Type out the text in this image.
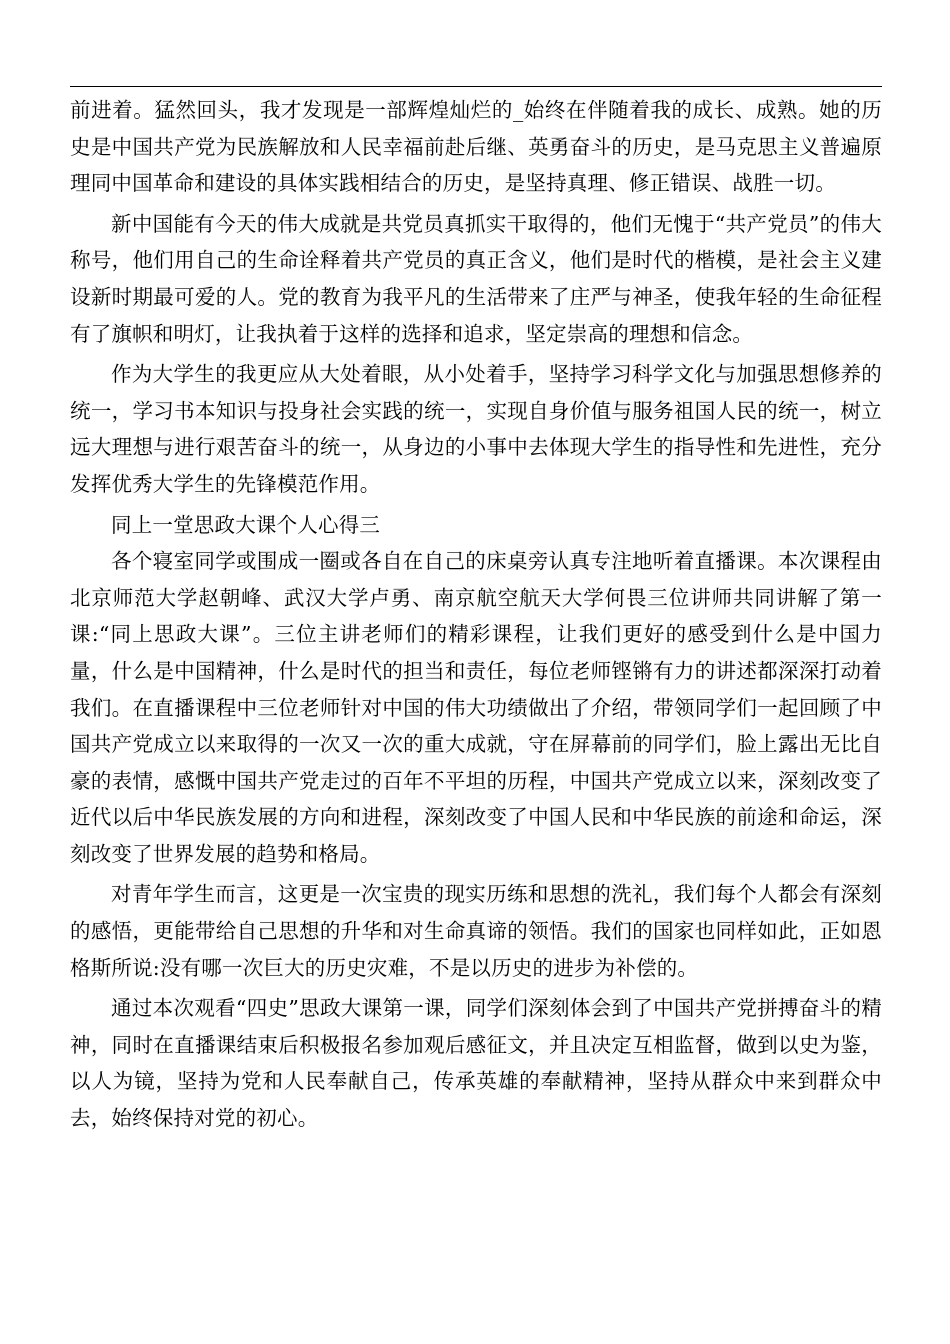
前进着。猛然回头，我才发现是一部辉煌灿烂的_始终在伴随着我的成长、成熟。她的历史是中国共产党为民族解放和人民幸福前赴后继、英勇奋斗的历史，是马克思主义普遍原理同中国革命和建设的具体实践相结合的历史，是坚持真理、修正错误、战胜一切。

新中国能有今天的伟大成就是共党员真抓实干取得的，他们无愧于“共产党员”的伟大称号，他们用自己的生命诠释着共产党员的真正含义，他们是时代的楷模，是社会主义建设新时期最可爱的人。党的教育为我平凡的生活带来了庄严与神圣，使我年轻的生命征程有了旗帜和明灯，让我执着于这样的选择和追求，坚定崇高的理想和信念。

作为大学生的我更应从大处着眼，从小处着手，坚持学习科学文化与加强思想修养的统一，学习书本知识与投身社会实践的统一，实现自身价值与服务祖国人民的统一，树立远大理想与进行艰苦奋斗的统一，从身边的小事中去体现大学生的指导性和先进性，充分发挥优秀大学生的先锋模范作用。

同上一堂思政大课个人心得三

各个寝室同学或围成一圈或各自在自己的床桌旁认真专注地听着直播课。本次课程由北京师范大学赵朝峰、武汉大学卢勇、南京航空航天大学何畏三位讲师共同讲解了第一课:“同上思政大课”。三位主讲老师们的精彩课程，让我们更好的感受到什么是中国力量，什么是中国精神，什么是时代的担当和责任，每位老师铿锵有力的讲述都深深打动着我们。在直播课程中三位老师针对中国的伟大功绩做出了介绍，带领同学们一起回顾了中国共产党成立以来取得的一次又一次的重大成就，守在屏幕前的同学们，脸上露出无比自豪的表情，感慨中国共产党走过的百年不平坦的历程，中国共产党成立以来，深刻改变了近代以后中华民族发展的方向和进程，深刻改变了中国人民和中华民族的前途和命运，深刻改变了世界发展的趋势和格局。

对青年学生而言，这更是一次宝贵的现实历练和思想的洗礼，我们每个人都会有深刻的感悟，更能带给自己思想的升华和对生命真谛的领悟。我们的国家也同样如此，正如恩格斯所说:没有哪一次巨大的历史灾难，不是以历史的进步为补偿的。

通过本次观看“四史”思政大课第一课，同学们深刻体会到了中国共产党拼搏奋斗的精神，同时在直播课结束后积极报名参加观后感征文，并且决定互相监督，做到以史为鉴，以人为镜，坚持为党和人民奉献自己，传承英雄的奉献精神，坚持从群众中来到群众中去，始终保持对党的初心。
